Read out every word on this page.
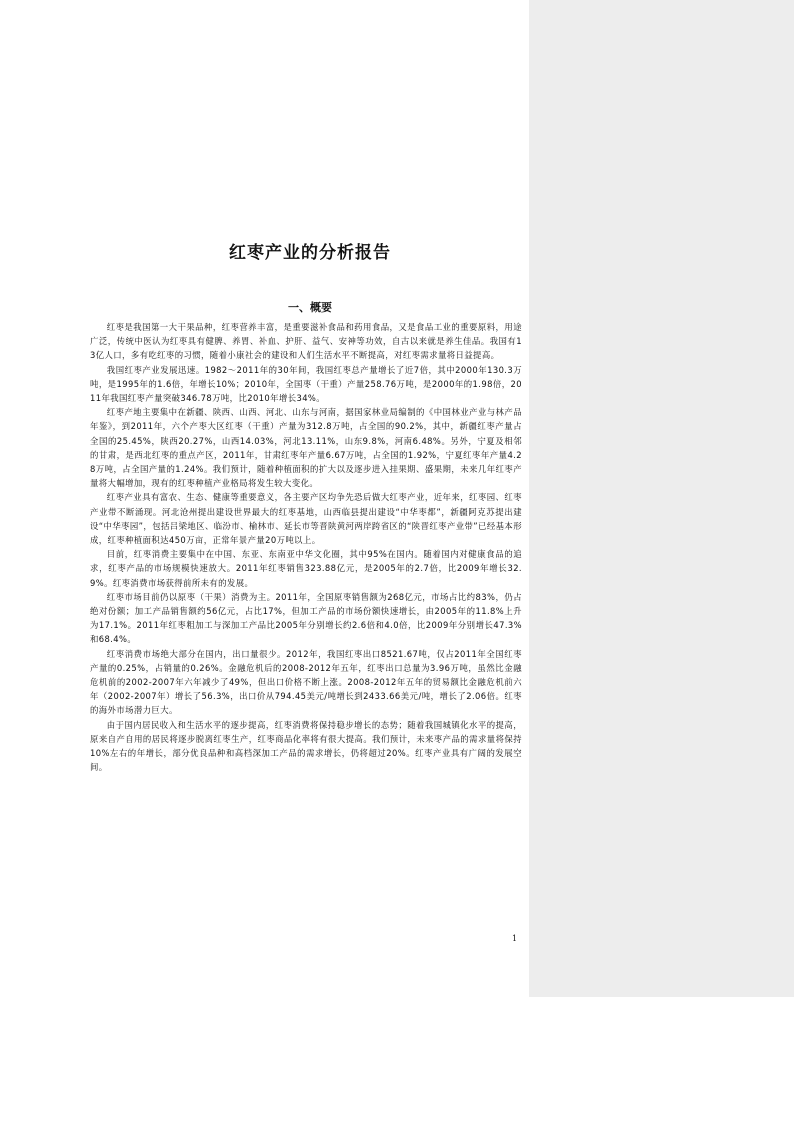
红枣产业的分析报告
一、概要

红枣是我国第一大干果品种，红枣营养丰富，是重要滋补食品和药用食品，又是食品工业的重要原料，用途广泛，传统中医认为红枣具有健脾、养胃、补血、护肝、益气、安神等功效，自古以来就是养生佳品。我国有13亿人口，多有吃红枣的习惯，随着小康社会的建设和人们生活水平不断提高，对红枣需求量将日益提高。

我国红枣产业发展迅速。1982～2011年的30年间，我国红枣总产量增长了近7倍，其中2000年130.3万吨，是1995年的1.6倍，年增长10%；2010年，全国枣（干重）产量258.76万吨，是2000年的1.98倍，2011年我国红枣产量突破346.78万吨，比2010年增长34%。

红枣产地主要集中在新疆、陕西、山西、河北、山东与河南，据国家林业局编制的《中国林业产业与林产品年鉴》，到2011年，六个产枣大区红枣（干重）产量为312.8万吨，占全国的90.2%，其中，新疆红枣产量占全国的25.45%，陕西20.27%，山西14.03%，河北13.11%，山东9.8%，河南6.48%。另外，宁夏及相邻的甘肃，是西北红枣的重点产区，2011年，甘肃红枣年产量6.67万吨，占全国的1.92%，宁夏红枣年产量4.28万吨，占全国产量的1.24%。我们预计，随着种植面积的扩大以及逐步进入挂果期、盛果期，未来几年红枣产量将大幅增加，现有的红枣种植产业格局将发生较大变化。

红枣产业具有富农、生态、健康等重要意义，各主要产区均争先恐后做大红枣产业，近年来，红枣园、红枣产业带不断涌现。河北沧州提出建设世界最大的红枣基地，山西临县提出建设“中华枣都”，新疆阿克苏提出建设“中华枣园”，包括吕梁地区、临汾市、榆林市、延长市等晋陕黄河两岸跨省区的“陕晋红枣产业带”已经基本形成，红枣种植面积达450万亩，正常年景产量20万吨以上。

目前，红枣消费主要集中在中国、东亚、东南亚中华文化圈，其中95%在国内。随着国内对健康食品的追求，红枣产品的市场规模快速放大。2011年红枣销售323.88亿元，是2005年的2.7倍，比2009年增长32.9%。红枣消费市场获得前所未有的发展。

红枣市场目前仍以原枣（干果）消费为主。2011年，全国原枣销售额为268亿元，市场占比约83%，仍占绝对份额；加工产品销售额约56亿元，占比17%，但加工产品的市场份额快速增长，由2005年的11.8%上升为17.1%。2011年红枣粗加工与深加工产品比2005年分别增长约2.6倍和4.0倍，比2009年分别增长47.3%和68.4%。

红枣消费市场绝大部分在国内，出口量很少。2012年，我国红枣出口8521.67吨，仅占2011年全国红枣产量的0.25%，占销量的0.26%。金融危机后的2008-2012年五年，红枣出口总量为3.96万吨，虽然比金融危机前的2002-2007年六年减少了49%，但出口价格不断上涨。2008-2012年五年的贸易额比金融危机前六年（2002-2007年）增长了56.3%，出口价从794.45美元/吨增长到2433.66美元/吨，增长了2.06倍。红枣的海外市场潜力巨大。

由于国内居民收入和生活水平的逐步提高，红枣消费将保持稳步增长的态势；随着我国城镇化水平的提高，原来自产自用的居民将逐步脱离红枣生产，红枣商品化率将有很大提高。我们预计，未来枣产品的需求量将保持10%左右的年增长，部分优良品种和高档深加工产品的需求增长，仍将超过20%。红枣产业具有广阔的发展空间。

1
